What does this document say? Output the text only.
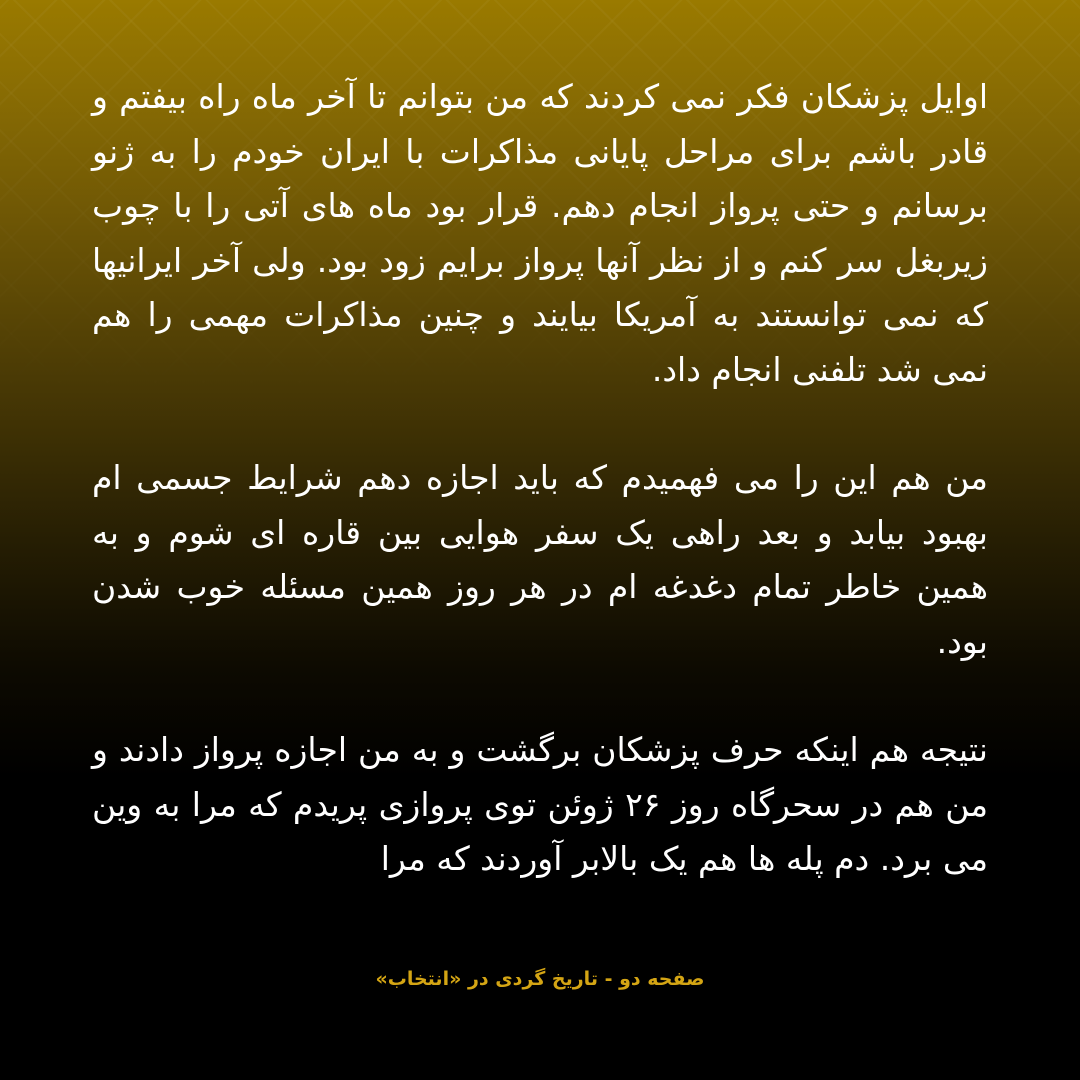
اوایل پزشکان فکر نمی کردند که من بتوانم تا آخر ماه راه بیفتم و قادر باشم برای مراحل پایانی مذاکرات با ایران خودم را به ژنو برسانم و حتی پرواز انجام دهم. قرار بود ماه های آتی را با چوب زیربغل سر کنم و از نظر آنها پرواز برایم زود بود. ولی آخر ایرانیها که نمی توانستند به آمریکا بیایند و چنین مذاکرات مهمی را هم نمی شد تلفنی انجام داد.

من هم این را می فهمیدم که باید اجازه دهم شرایط جسمی ام بهبود بیابد و بعد راهی یک سفر هوایی بین قاره ای شوم و به همین خاطر تمام دغدغه ام در هر روز همین مسئله خوب شدن بود.

نتیجه هم اینکه حرف پزشکان برگشت و به من اجازه پرواز دادند و من هم در سحرگاه روز ۲۶ ژوئن توی پروازی پریدم که مرا به وین می برد. دم پله ها هم یک بالابر آوردند که مرا

صفحه دو - تاریخ گردی در «انتخاب»
